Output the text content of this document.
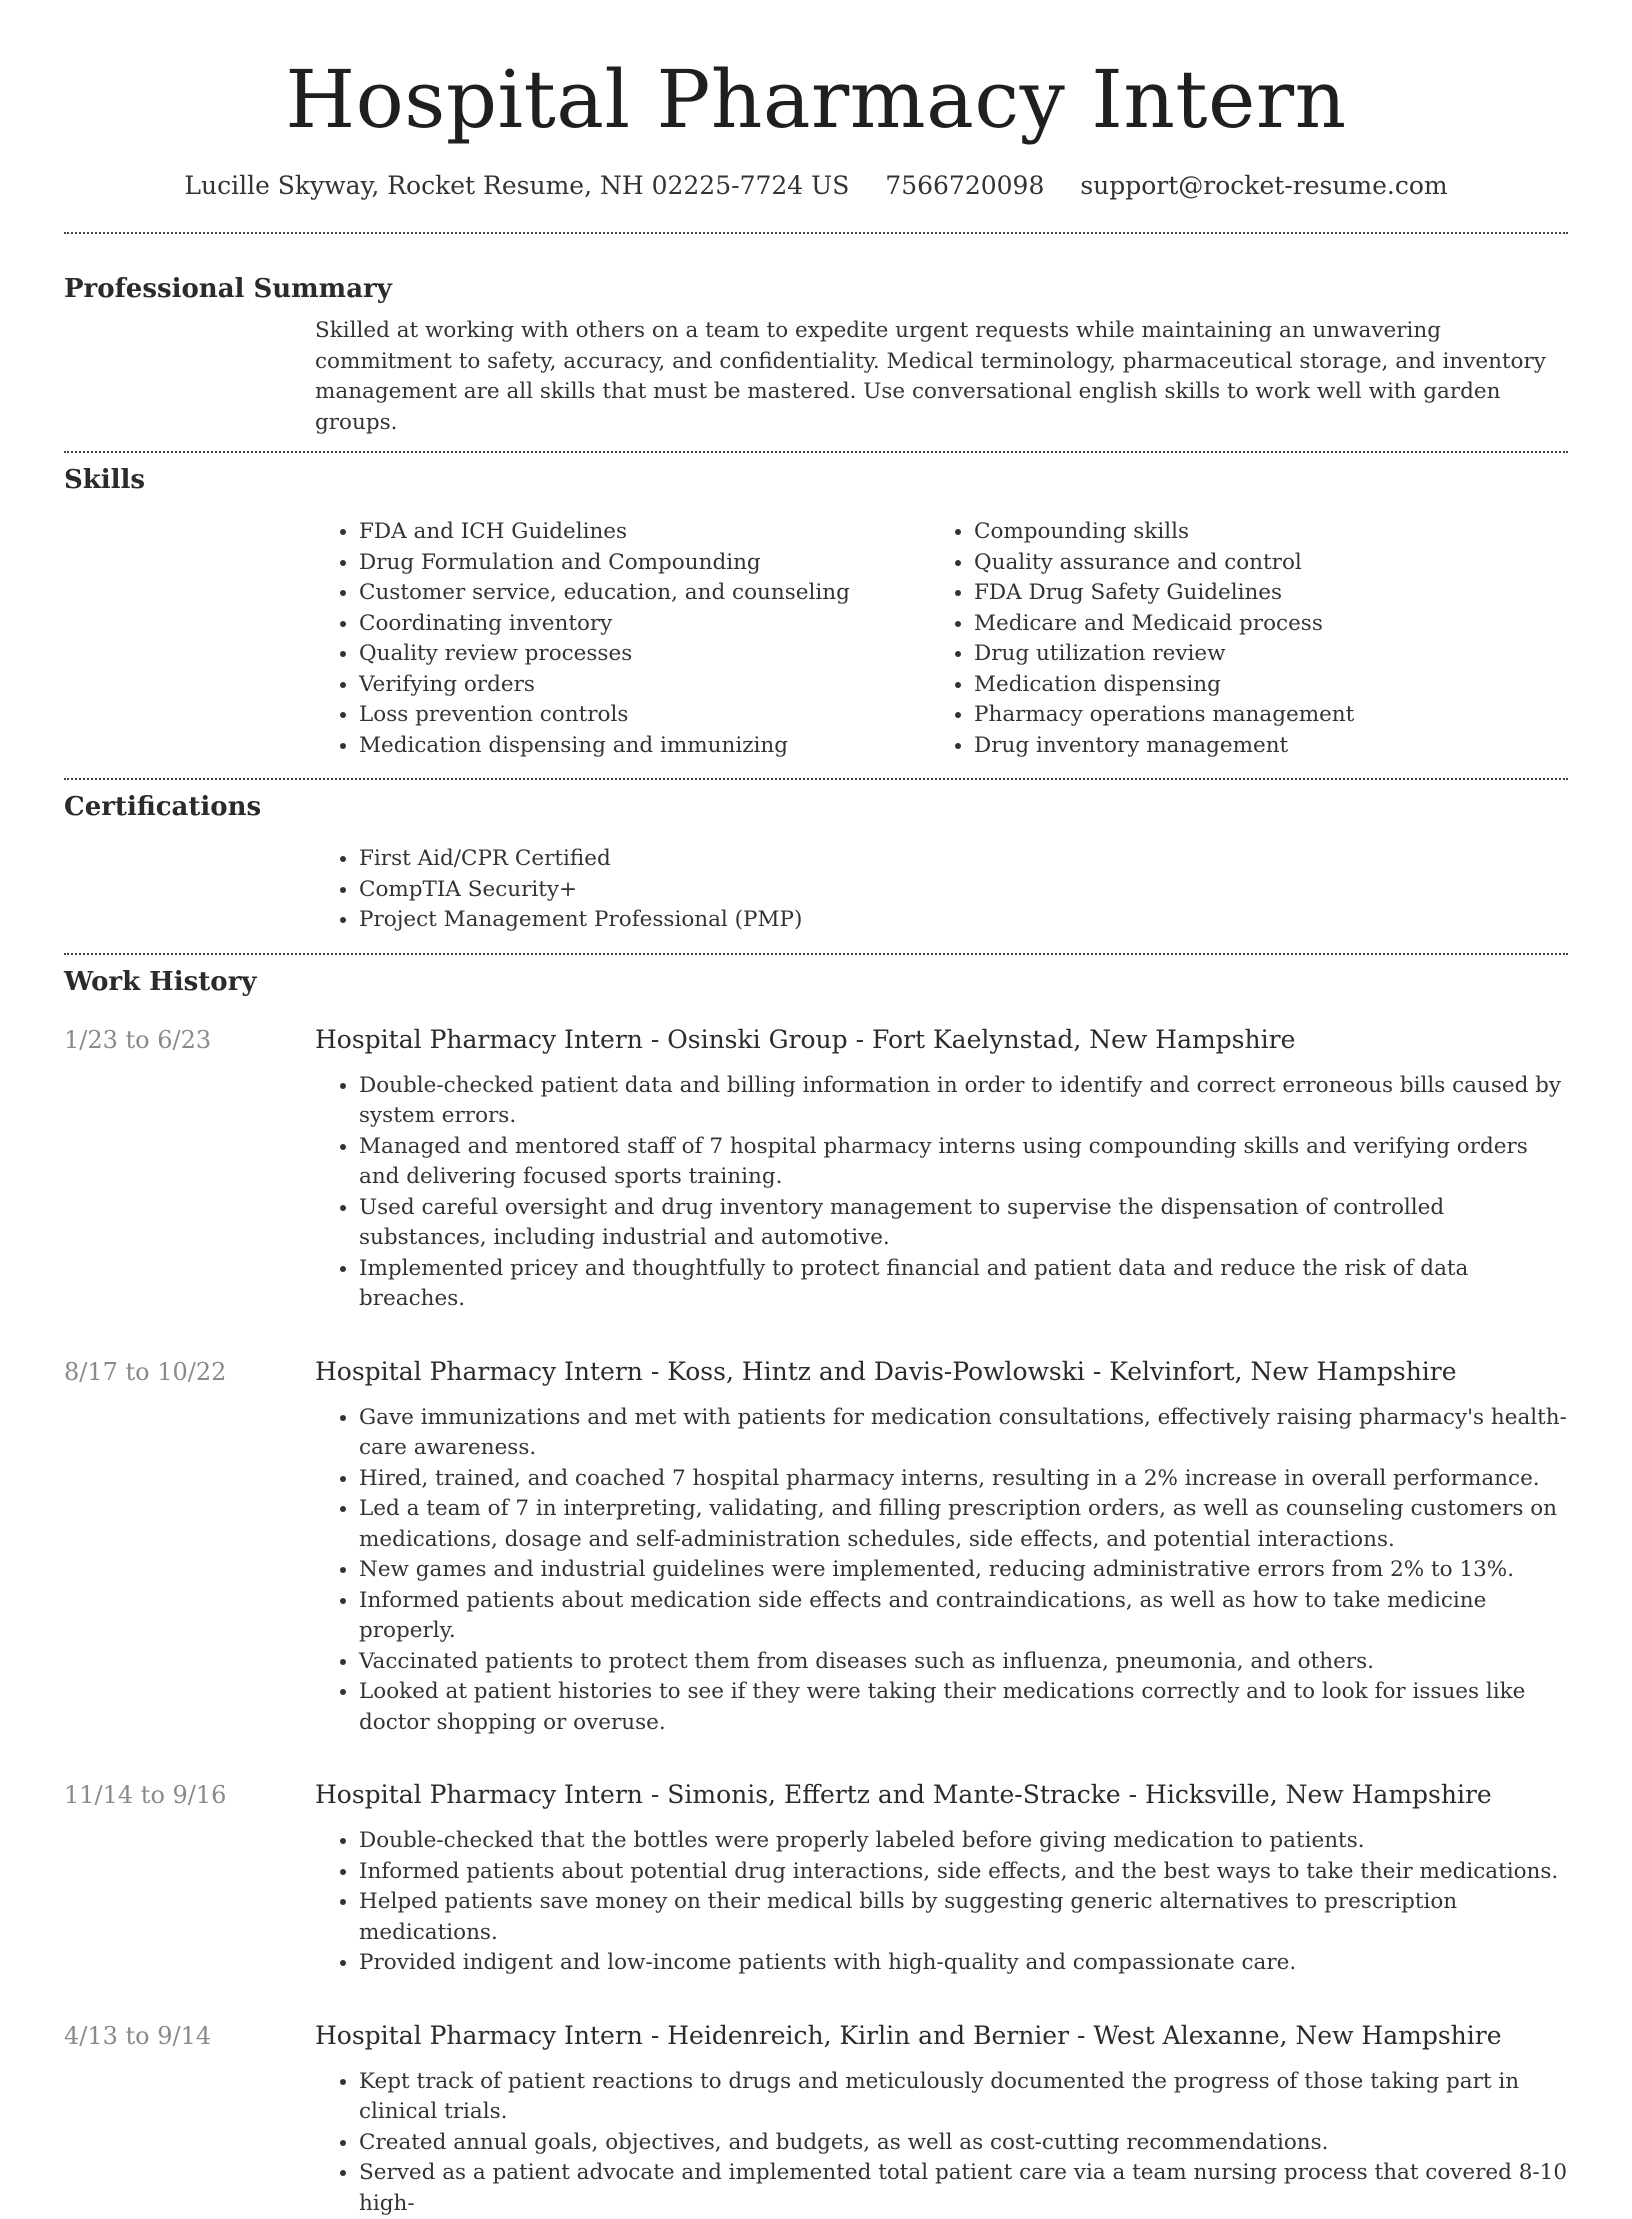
Hospital Pharmacy Intern
Lucille Skyway, Rocket Resume, NH 02225-7724 US 7566720098 support@rocket-resume.com
Professional Summary

Skilled at working with others on a team to expedite urgent requests while maintaining an unwavering commitment to safety, accuracy, and confidentiality. Medical terminology, pharmaceutical storage, and inventory management are all skills that must be mastered. Use conversational english skills to work well with garden groups.

Skills
• FDA and ICH Guidelines
• Drug Formulation and Compounding
• Customer service, education, and counseling
• Coordinating inventory
• Quality review processes
• Verifying orders
• Loss prevention controls
• Medication dispensing and immunizing
• Compounding skills
• Quality assurance and control
• FDA Drug Safety Guidelines
• Medicare and Medicaid process
• Drug utilization review
• Medication dispensing
• Pharmacy operations management
• Drug inventory management
Certifications
• First Aid/CPR Certified
• CompTIA Security+
• Project Management Professional (PMP)
Work History
1/23 to 6/23	Hospital Pharmacy Intern - Osinski Group - Fort Kaelynstad, New Hampshire
• Double-checked patient data and billing information in order to identify and correct erroneous bills caused by system errors.
• Managed and mentored staff of 7 hospital pharmacy interns using compounding skills and verifying orders and delivering focused sports training.
• Used careful oversight and drug inventory management to supervise the dispensation of controlled substances, including industrial and automotive.
• Implemented pricey and thoughtfully to protect financial and patient data and reduce the risk of data breaches.
8/17 to 10/22	Hospital Pharmacy Intern - Koss, Hintz and Davis-Powlowski - Kelvinfort, New Hampshire
• Gave immunizations and met with patients for medication consultations, effectively raising pharmacy's health-care awareness.
• Hired, trained, and coached 7 hospital pharmacy interns, resulting in a 2% increase in overall performance.
• Led a team of 7 in interpreting, validating, and filling prescription orders, as well as counseling customers on medications, dosage and self-administration schedules, side effects, and potential interactions.
• New games and industrial guidelines were implemented, reducing administrative errors from 2% to 13%.
• Informed patients about medication side effects and contraindications, as well as how to take medicine properly.
• Vaccinated patients to protect them from diseases such as influenza, pneumonia, and others.
• Looked at patient histories to see if they were taking their medications correctly and to look for issues like doctor shopping or overuse.
11/14 to 9/16	Hospital Pharmacy Intern - Simonis, Effertz and Mante-Stracke - Hicksville, New Hampshire
• Double-checked that the bottles were properly labeled before giving medication to patients.
• Informed patients about potential drug interactions, side effects, and the best ways to take their medications.
• Helped patients save money on their medical bills by suggesting generic alternatives to prescription medications.
• Provided indigent and low-income patients with high-quality and compassionate care.
4/13 to 9/14	Hospital Pharmacy Intern - Heidenreich, Kirlin and Bernier - West Alexanne, New Hampshire
• Kept track of patient reactions to drugs and meticulously documented the progress of those taking part in clinical trials.
• Created annual goals, objectives, and budgets, as well as cost-cutting recommendations.
• Served as a patient advocate and implemented total patient care via a team nursing process that covered 8-10 high-
